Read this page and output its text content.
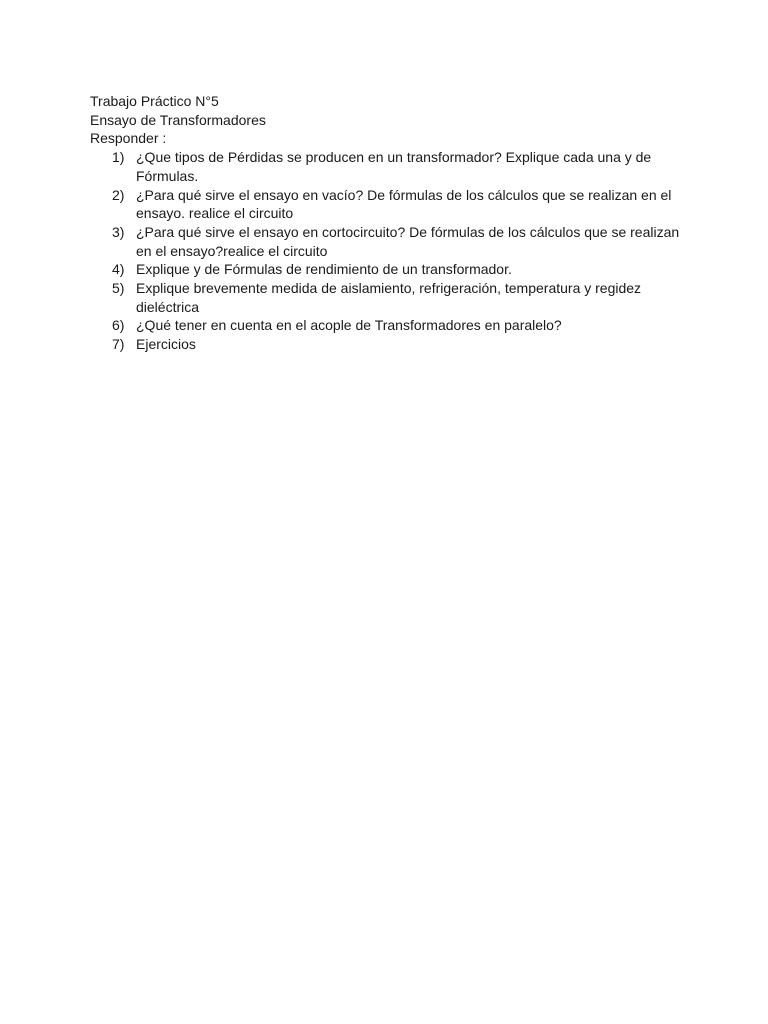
Trabajo Práctico N°5
Ensayo de Transformadores
Responder :
1) ¿Que tipos de Pérdidas se producen en un transformador? Explique cada una y de
Fórmulas.
2) ¿Para qué sirve el ensayo en vacío? De fórmulas de los cálculos que se realizan en el
ensayo. realice el circuito
3) ¿Para qué sirve el ensayo en cortocircuito? De fórmulas de los cálculos que se realizan
en el ensayo?realice el circuito
4) Explique y de Fórmulas de rendimiento de un transformador.
5) Explique brevemente medida de aislamiento, refrigeración, temperatura y regidez
dieléctrica
6) ¿Qué tener en cuenta en el acople de Transformadores en paralelo?
7) Ejercicios
